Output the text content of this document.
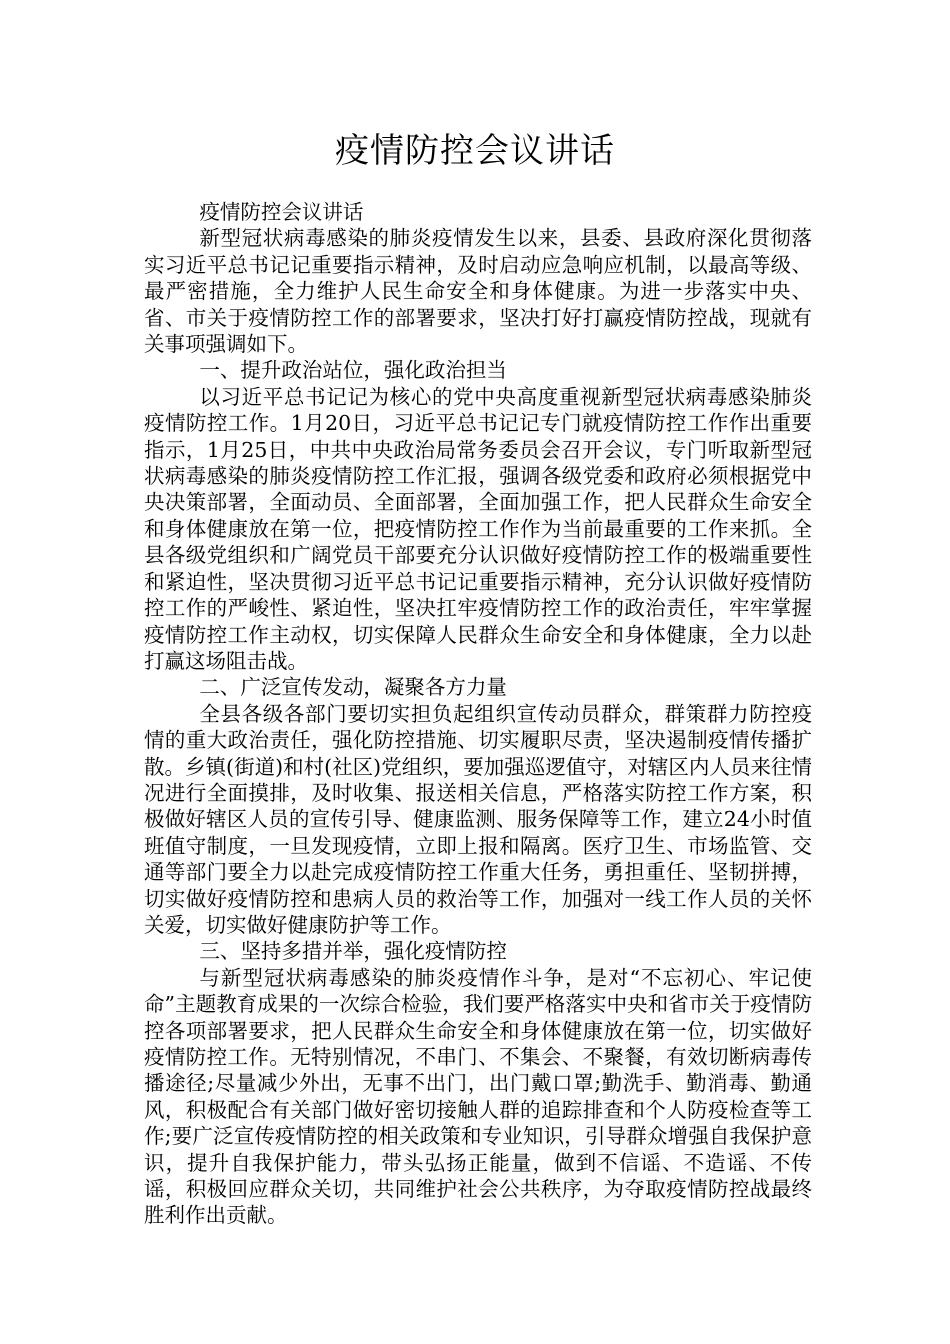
疫情防控会议讲话

疫情防控会议讲话

新型冠状病毒感染的肺炎疫情发生以来，县委、县政府深化贯彻落实习近平总书记记重要指示精神，及时启动应急响应机制，以最高等级、最严密措施，全力维护人民生命安全和身体健康。为进一步落实中央、省、市关于疫情防控工作的部署要求，坚决打好打赢疫情防控战，现就有关事项强调如下。

一、提升政治站位，强化政治担当

以习近平总书记记为核心的党中央高度重视新型冠状病毒感染肺炎疫情防控工作。1月20日，习近平总书记记专门就疫情防控工作作出重要指示，1月25日，中共中央政治局常务委员会召开会议，专门听取新型冠状病毒感染的肺炎疫情防控工作汇报，强调各级党委和政府必须根据党中央决策部署，全面动员、全面部署，全面加强工作，把人民群众生命安全和身体健康放在第一位，把疫情防控工作作为当前最重要的工作来抓。全县各级党组织和广阔党员干部要充分认识做好疫情防控工作的极端重要性和紧迫性，坚决贯彻习近平总书记记重要指示精神，充分认识做好疫情防控工作的严峻性、紧迫性，坚决扛牢疫情防控工作的政治责任，牢牢掌握疫情防控工作主动权，切实保障人民群众生命安全和身体健康，全力以赴打赢这场阻击战。

二、广泛宣传发动，凝聚各方力量

全县各级各部门要切实担负起组织宣传动员群众，群策群力防控疫情的重大政治责任，强化防控措施、切实履职尽责，坚决遏制疫情传播扩散。乡镇(街道)和村(社区)党组织，要加强巡逻值守，对辖区内人员来往情况进行全面摸排，及时收集、报送相关信息，严格落实防控工作方案，积极做好辖区人员的宣传引导、健康监测、服务保障等工作，建立24小时值班值守制度，一旦发现疫情，立即上报和隔离。医疗卫生、市场监管、交通等部门要全力以赴完成疫情防控工作重大任务，勇担重任、坚韧拼搏，切实做好疫情防控和患病人员的救治等工作，加强对一线工作人员的关怀关爱，切实做好健康防护等工作。

三、坚持多措并举，强化疫情防控

与新型冠状病毒感染的肺炎疫情作斗争，是对“不忘初心、牢记使命”主题教育成果的一次综合检验，我们要严格落实中央和省市关于疫情防控各项部署要求，把人民群众生命安全和身体健康放在第一位，切实做好疫情防控工作。无特别情况，不串门、不集会、不聚餐，有效切断病毒传播途径;尽量减少外出，无事不出门，出门戴口罩;勤洗手、勤消毒、勤通风，积极配合有关部门做好密切接触人群的追踪排查和个人防疫检查等工作;要广泛宣传疫情防控的相关政策和专业知识，引导群众增强自我保护意识，提升自我保护能力，带头弘扬正能量，做到不信谣、不造谣、不传谣，积极回应群众关切，共同维护社会公共秩序，为夺取疫情防控战最终胜利作出贡献。
